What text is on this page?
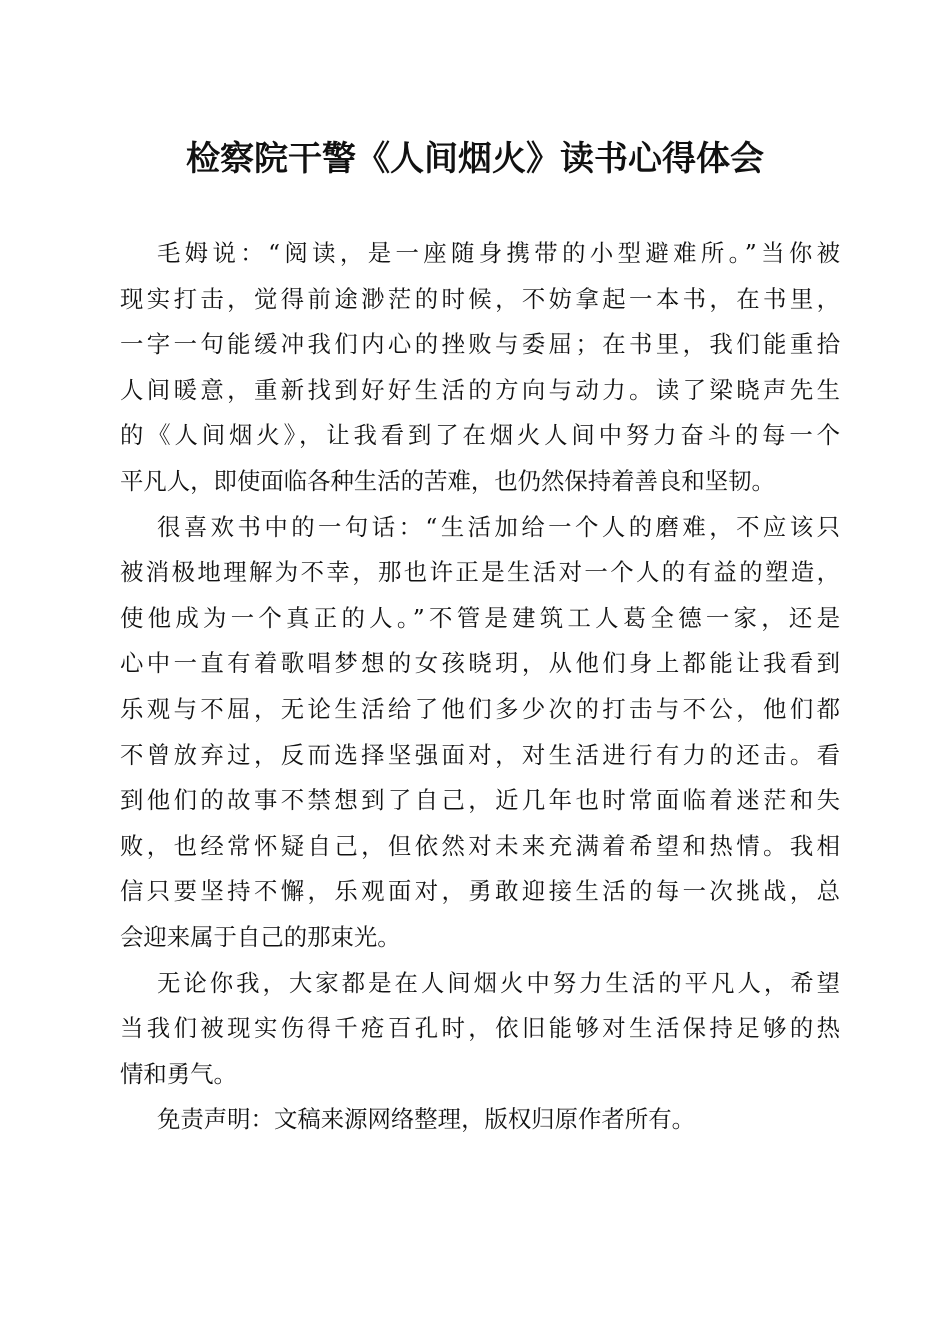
检察院干警《人间烟火》读书心得体会
毛姆说：“阅读，是一座随身携带的小型避难所。”当你被
现实打击，觉得前途渺茫的时候，不妨拿起一本书，在书里，
一字一句能缓冲我们内心的挫败与委屈；在书里，我们能重拾
人间暖意，重新找到好好生活的方向与动力。读了梁晓声先生
的《人间烟火》，让我看到了在烟火人间中努力奋斗的每一个
平凡人，即使面临各种生活的苦难，也仍然保持着善良和坚韧。
很喜欢书中的一句话：“生活加给一个人的磨难，不应该只
被消极地理解为不幸，那也许正是生活对一个人的有益的塑造，
使他成为一个真正的人。”不管是建筑工人葛全德一家，还是
心中一直有着歌唱梦想的女孩晓玥，从他们身上都能让我看到
乐观与不屈，无论生活给了他们多少次的打击与不公，他们都
不曾放弃过，反而选择坚强面对，对生活进行有力的还击。看
到他们的故事不禁想到了自己，近几年也时常面临着迷茫和失
败，也经常怀疑自己，但依然对未来充满着希望和热情。我相
信只要坚持不懈，乐观面对，勇敢迎接生活的每一次挑战，总
会迎来属于自己的那束光。
无论你我，大家都是在人间烟火中努力生活的平凡人，希望
当我们被现实伤得千疮百孔时，依旧能够对生活保持足够的热
情和勇气。
免责声明：文稿来源网络整理，版权归原作者所有。
